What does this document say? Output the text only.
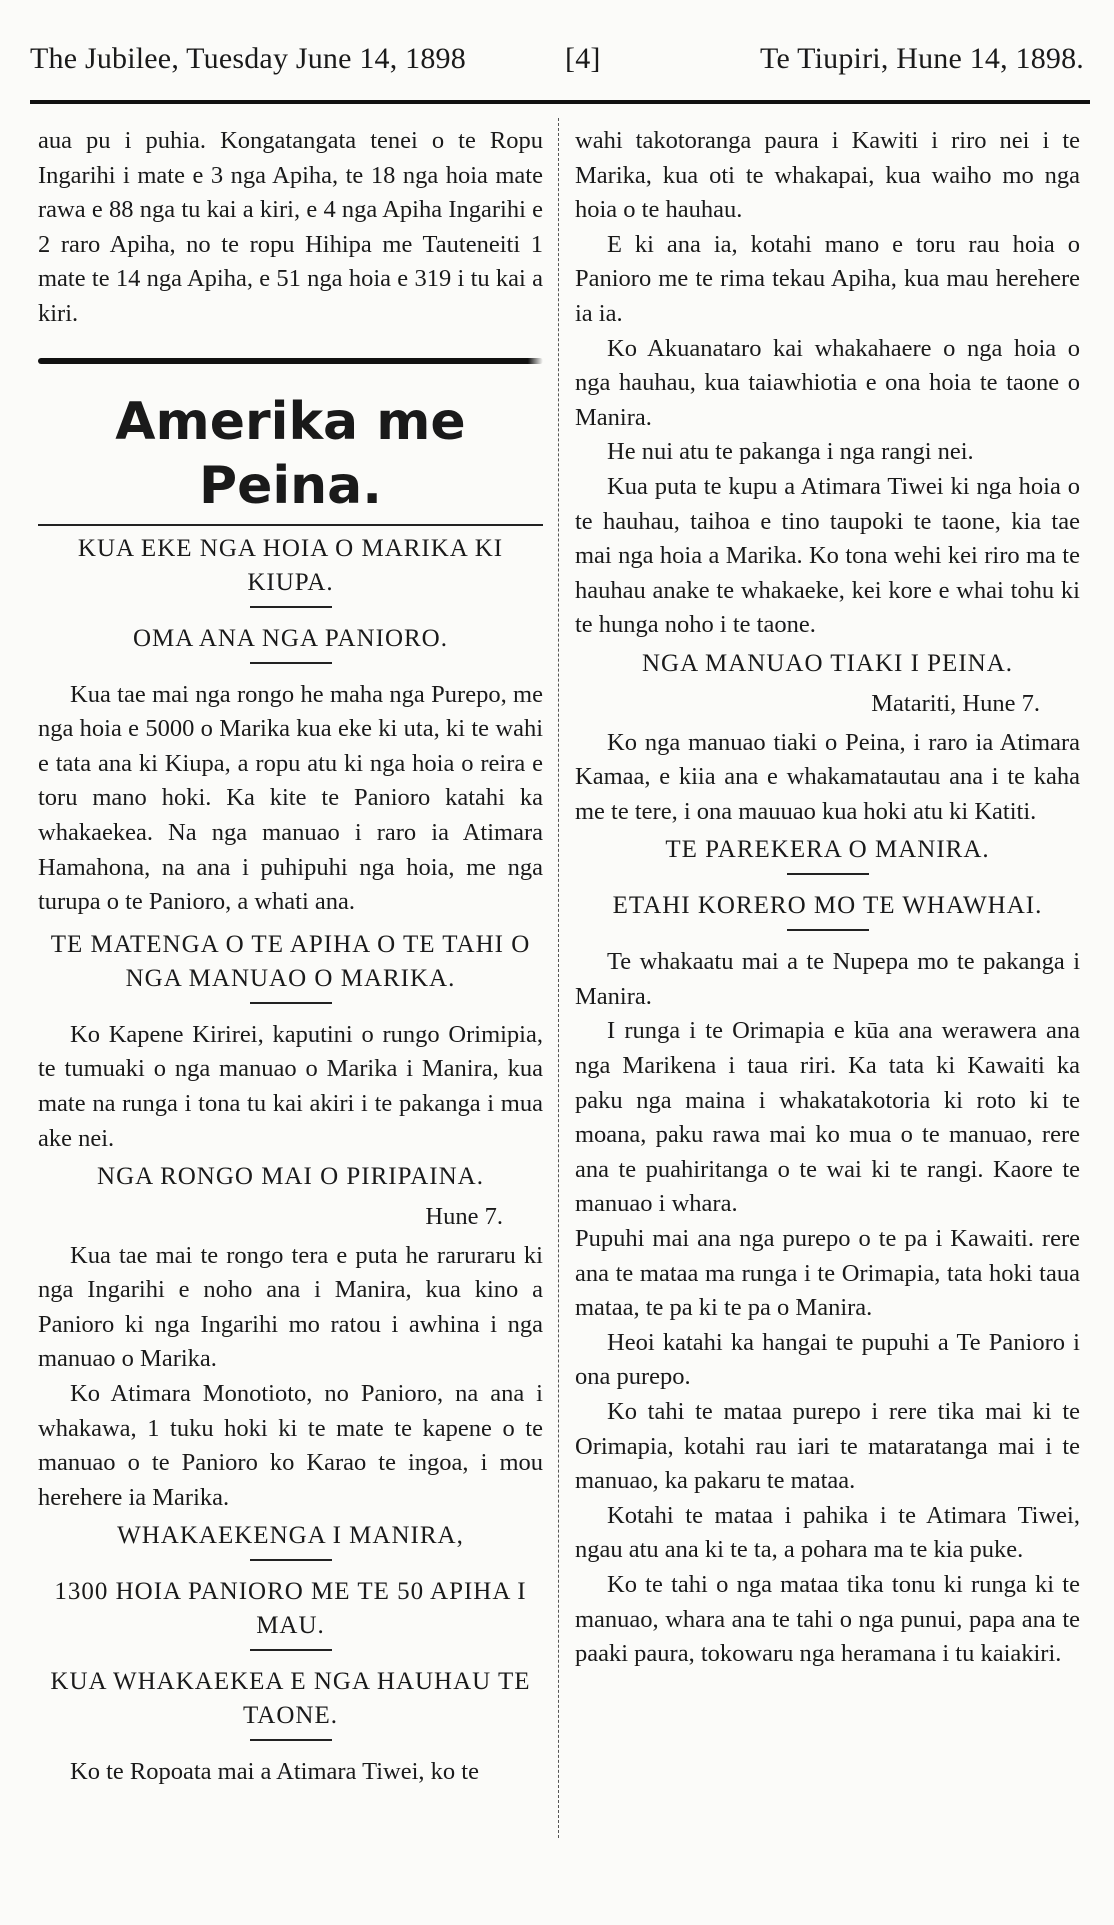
The Jubilee, Tuesday June 14, 1898	[4]	Te Tiupiri, Hune 14, 1898.

aua pu i puhia. Kongatangata tenei o te Ropu Ingarihi i mate e 3 nga Apiha, te 18 nga hoia mate rawa e 88 nga tu kai a kiri, e 4 nga Apiha Ingarihi e 2 raro Apiha, no te ropu Hihipa me Tauteneiti 1 mate te 14 nga Apiha, e 51 nga hoia e 319 i tu kai a kiri.

Amerika me Peina.
KUA EKE NGA HOIA O MARIKA KI KIUPA.
OMA ANA NGA PANIORO.

Kua tae mai nga rongo he maha nga Purepo, me nga hoia e 5000 o Marika kua eke ki uta, ki te wahi e tata ana ki Kiupa, a ropu atu ki nga hoia o reira e toru mano hoki. Ka kite te Panioro katahi ka whakaekea. Na nga manuao i raro ia Atimara Hamahona, na ana i puhipuhi nga hoia, me nga turupa o te Panioro, a whati ana.

TE MATENGA O TE APIHA O TE TAHI O NGA MANUAO O MARIKA.

Ko Kapene Kirirei, kaputini o rungo Orimipia, te tumuaki o nga manuao o Marika i Manira, kua mate na runga i tona tu kai akiri i te pakanga i mua ake nei.

NGA RONGO MAI O PIRIPAINA.
Hune 7.

Kua tae mai te rongo tera e puta he raruraru ki nga Ingarihi e noho ana i Manira, kua kino a Panioro ki nga Ingarihi mo ratou i awhina i nga manuao o Marika.

Ko Atimara Monotioto, no Panioro, na ana i whakawa, 1 tuku hoki ki te mate te kapene o te manuao o te Panioro ko Karao te ingoa, i mou herehere ia Marika.

WHAKAEKENGA I MANIRA,
1300 HOIA PANIORO ME TE 50 APIHA I MAU.
KUA WHAKAEKEA E NGA HAUHAU TE TAONE.

Ko te Ropoata mai a Atimara Tiwei, ko te

wahi takotoranga paura i Kawiti i riro nei i te Marika, kua oti te whakapai, kua waiho mo nga hoia o te hauhau.

E ki ana ia, kotahi mano e toru rau hoia o Panioro me te rima tekau Apiha, kua mau herehere ia ia.

Ko Akuanataro kai whakahaere o nga hoia o nga hauhau, kua taiawhiotia e ona hoia te taone o Manira.

He nui atu te pakanga i nga rangi nei.

Kua puta te kupu a Atimara Tiwei ki nga hoia o te hauhau, taihoa e tino taupoki te taone, kia tae mai nga hoia a Marika. Ko tona wehi kei riro ma te hauhau anake te whakaeke, kei kore e whai tohu ki te hunga noho i te taone.

NGA MANUAO TIAKI I PEINA.
Matariti, Hune 7.

Ko nga manuao tiaki o Peina, i raro ia Atimara Kamaa, e kiia ana e whakamatautau ana i te kaha me te tere, i ona mauuao kua hoki atu ki Katiti.

TE PAREKERA O MANIRA.
ETAHI KORERO MO TE WHAWHAI.

Te whakaatu mai a te Nupepa mo te pakanga i Manira.

I runga i te Orimapia e kūa ana werawera ana nga Marikena i taua riri. Ka tata ki Kawaiti ka paku nga maina i whakatakotoria ki roto ki te moana, paku rawa mai ko mua o te manuao, rere ana te puahiritanga o te wai ki te rangi. Kaore te manuao i whara.

Pupuhi mai ana nga purepo o te pa i Kawaiti. rere ana te mataa ma runga i te Orimapia, tata hoki taua mataa, te pa ki te pa o Manira.

Heoi katahi ka hangai te pupuhi a Te Panioro i ona purepo.

Ko tahi te mataa purepo i rere tika mai ki te Orimapia, kotahi rau iari te mataratanga mai i te manuao, ka pakaru te mataa.

Kotahi te mataa i pahika i te Atimara Tiwei, ngau atu ana ki te ta, a pohara ma te kia puke.

Ko te tahi o nga mataa tika tonu ki runga ki te manuao, whara ana te tahi o nga punui, papa ana te paaki paura, tokowaru nga heramana i tu kaiakiri.
